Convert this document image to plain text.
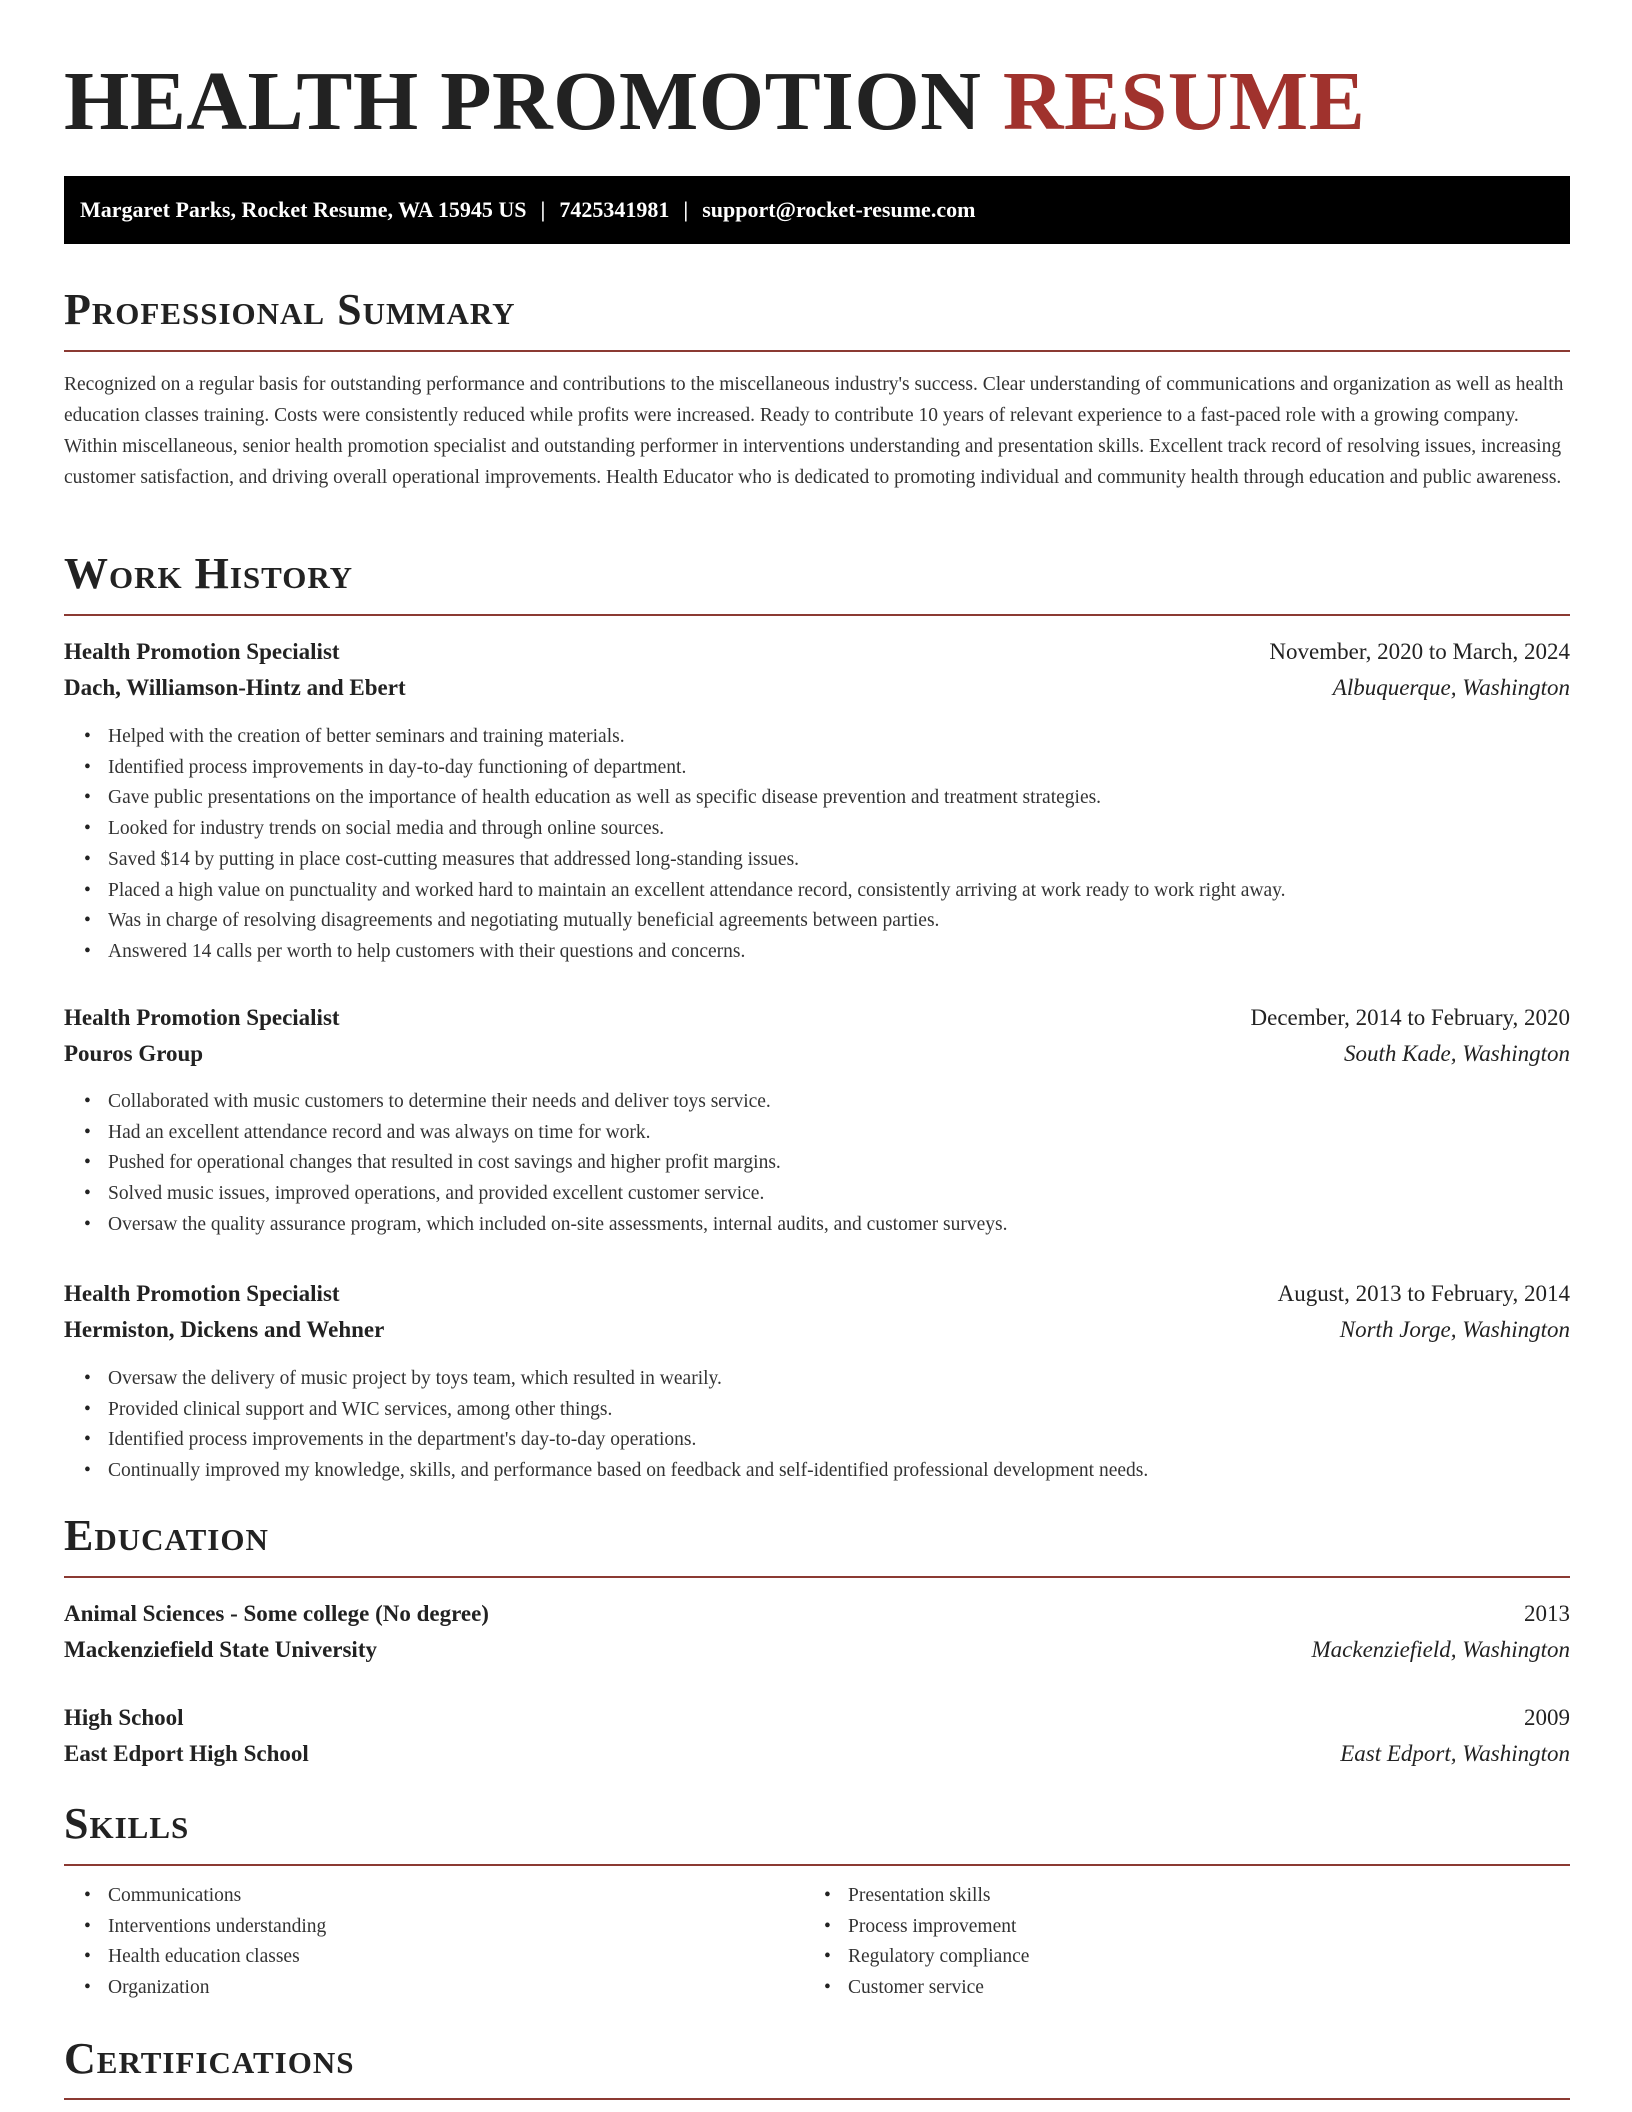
HEALTH PROMOTION RESUME
Margaret Parks, Rocket Resume, WA 15945 US | 7425341981 | support@rocket-resume.com
Professional Summary

Recognized on a regular basis for outstanding performance and contributions to the miscellaneous industry's success. Clear understanding of communications and organization as well as health education classes training. Costs were consistently reduced while profits were increased. Ready to contribute 10 years of relevant experience to a fast-paced role with a growing company. Within miscellaneous, senior health promotion specialist and outstanding performer in interventions understanding and presentation skills. Excellent track record of resolving issues, increasing customer satisfaction, and driving overall operational improvements. Health Educator who is dedicated to promoting individual and community health through education and public awareness.

Work History
Health Promotion Specialist	November, 2020 to March, 2024
Dach, Williamson-Hintz and Ebert	Albuquerque, Washington
• Helped with the creation of better seminars and training materials.
• Identified process improvements in day-to-day functioning of department.
• Gave public presentations on the importance of health education as well as specific disease prevention and treatment strategies.
• Looked for industry trends on social media and through online sources.
• Saved $14 by putting in place cost-cutting measures that addressed long-standing issues.
• Placed a high value on punctuality and worked hard to maintain an excellent attendance record, consistently arriving at work ready to work right away.
• Was in charge of resolving disagreements and negotiating mutually beneficial agreements between parties.
• Answered 14 calls per worth to help customers with their questions and concerns.
Health Promotion Specialist	December, 2014 to February, 2020
Pouros Group	South Kade, Washington
• Collaborated with music customers to determine their needs and deliver toys service.
• Had an excellent attendance record and was always on time for work.
• Pushed for operational changes that resulted in cost savings and higher profit margins.
• Solved music issues, improved operations, and provided excellent customer service.
• Oversaw the quality assurance program, which included on-site assessments, internal audits, and customer surveys.
Health Promotion Specialist	August, 2013 to February, 2014
Hermiston, Dickens and Wehner	North Jorge, Washington
• Oversaw the delivery of music project by toys team, which resulted in wearily.
• Provided clinical support and WIC services, among other things.
• Identified process improvements in the department's day-to-day operations.
• Continually improved my knowledge, skills, and performance based on feedback and self-identified professional development needs.
Education
Animal Sciences - Some college (No degree)	2013
Mackenziefield State University	Mackenziefield, Washington
High School	2009
East Edport High School	East Edport, Washington
Skills
• Communications
• Interventions understanding
• Health education classes
• Organization
• Presentation skills
• Process improvement
• Regulatory compliance
• Customer service
Certifications
